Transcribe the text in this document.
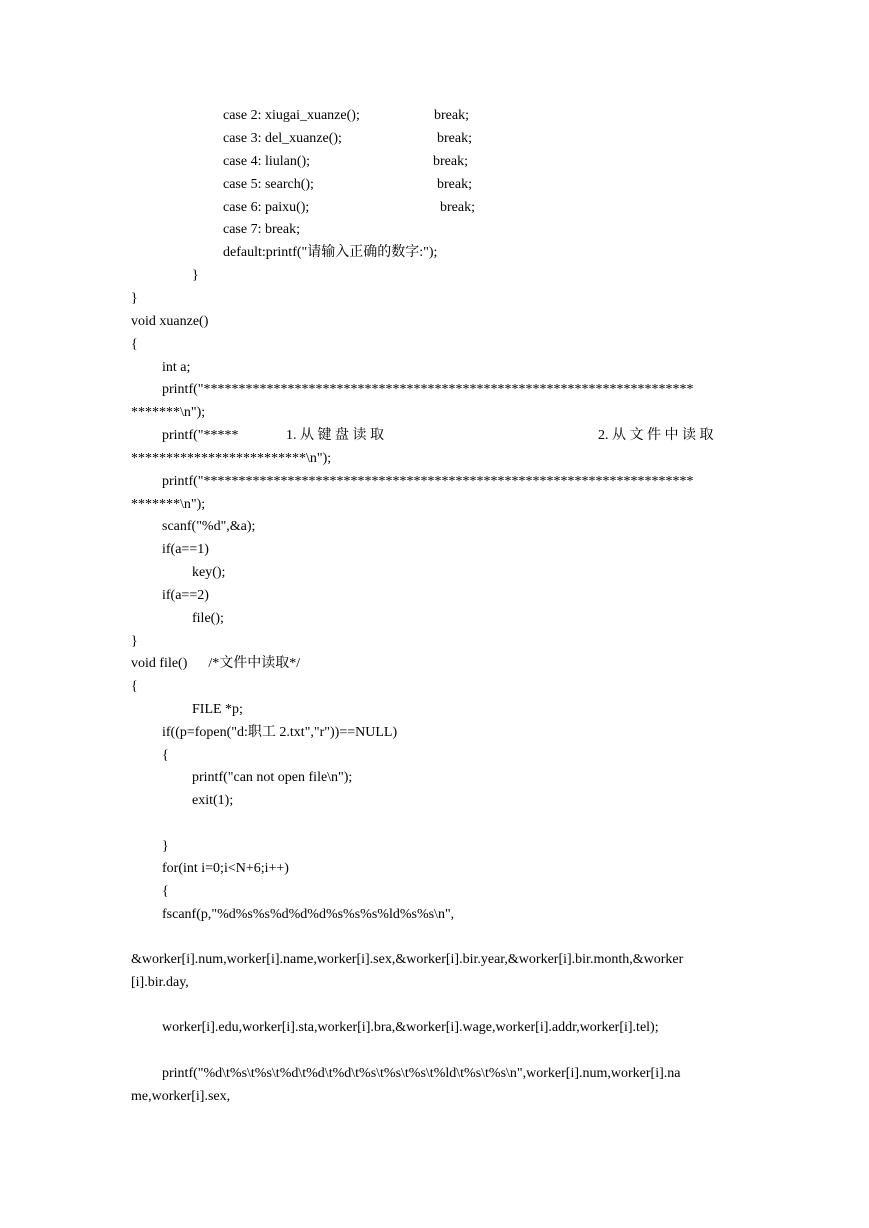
case 2: xiugai_xuanze();	break;
case 3: del_xuanze();	break;
case 4: liulan();	break;
case 5: search();	break;
case 6: paixu();	break;
case 7: break;
default:printf("请输入正确的数字:");
}
}
void xuanze()
{
int a;
printf("**********************************************************************
*******\n");
printf("*****	1. 从 键 盘 读 取	2. 从 文 件 中 读 取
*************************\n");
printf("**********************************************************************
*******\n");
scanf("%d",&a);
if(a==1)
key();
if(a==2)
file();
}
void file()      /*文件中读取*/
{
FILE *p;
if((p=fopen("d:职工 2.txt","r"))==NULL)
{
printf("can not open file\n");
exit(1);
}
for(int i=0;i<N+6;i++)
{
fscanf(p,"%d%s%s%d%d%d%s%s%s%ld%s%s\n",
&worker[i].num,worker[i].name,worker[i].sex,&worker[i].bir.year,&worker[i].bir.month,&worker
[i].bir.day,
worker[i].edu,worker[i].sta,worker[i].bra,&worker[i].wage,worker[i].addr,worker[i].tel);
printf("%d\t%s\t%s\t%d\t%d\t%d\t%s\t%s\t%s\t%ld\t%s\t%s\n",worker[i].num,worker[i].na
me,worker[i].sex,
